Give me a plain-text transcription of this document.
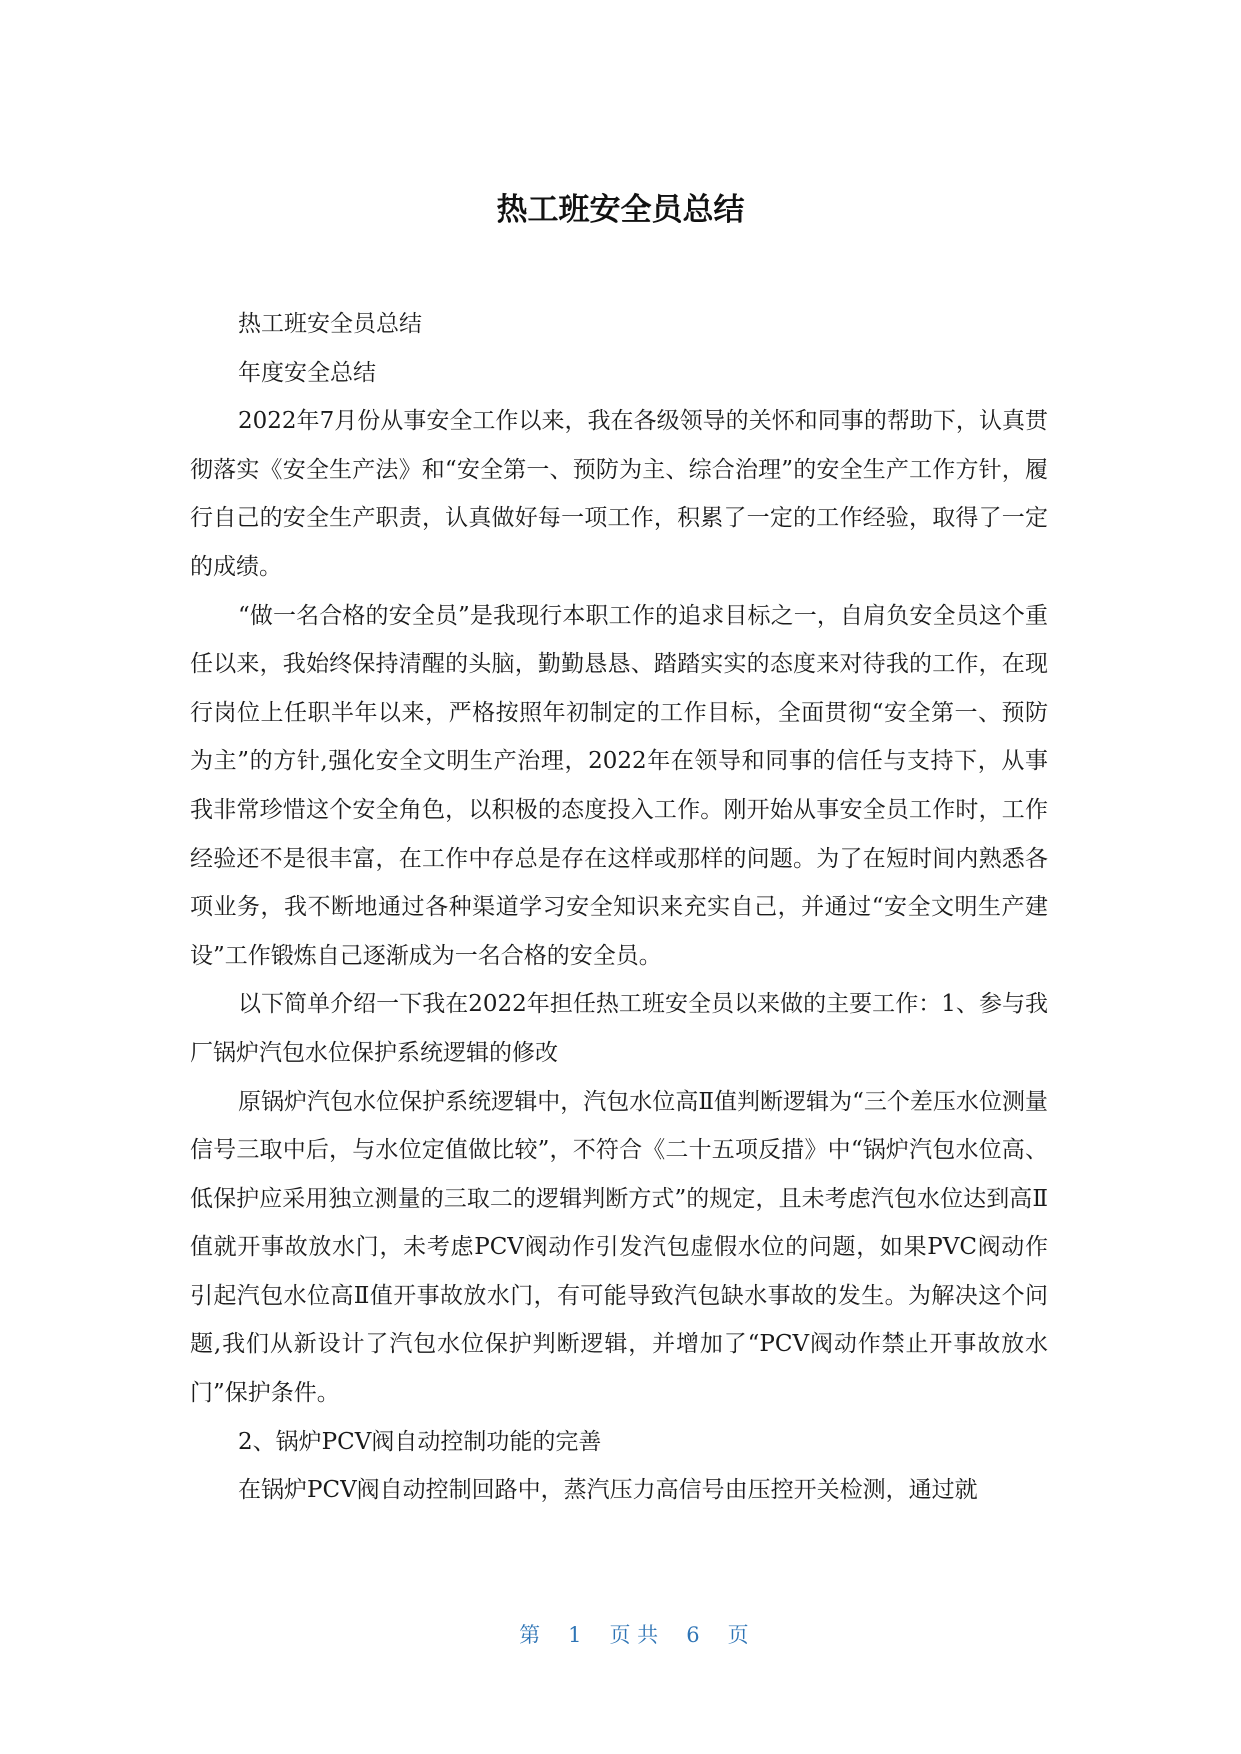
热工班安全员总结

热工班安全员总结

年度安全总结

2022年7月份从事安全工作以来，我在各级领导的关怀和同事的帮助下，认真贯彻落实《安全生产法》和“安全第一、预防为主、综合治理”的安全生产工作方针，履行自己的安全生产职责，认真做好每一项工作，积累了一定的工作经验，取得了一定的成绩。

“做一名合格的安全员”是我现行本职工作的追求目标之一，自肩负安全员这个重任以来，我始终保持清醒的头脑，勤勤恳恳、踏踏实实的态度来对待我的工作，在现行岗位上任职半年以来，严格按照年初制定的工作目标，全面贯彻“安全第一、预防为主”的方针,强化安全文明生产治理，2022年在领导和同事的信任与支持下，从事我非常珍惜这个安全角色，以积极的态度投入工作。刚开始从事安全员工作时，工作经验还不是很丰富，在工作中存总是存在这样或那样的问题。为了在短时间内熟悉各项业务，我不断地通过各种渠道学习安全知识来充实自己，并通过“安全文明生产建设”工作锻炼自己逐渐成为一名合格的安全员。

以下简单介绍一下我在2022年担任热工班安全员以来做的主要工作：1、参与我厂锅炉汽包水位保护系统逻辑的修改

原锅炉汽包水位保护系统逻辑中，汽包水位高Ⅱ值判断逻辑为“三个差压水位测量信号三取中后，与水位定值做比较”，不符合《二十五项反措》中“锅炉汽包水位高、低保护应采用独立测量的三取二的逻辑判断方式”的规定，且未考虑汽包水位达到高Ⅱ值就开事故放水门，未考虑PCV阀动作引发汽包虚假水位的问题，如果PVC阀动作引起汽包水位高Ⅱ值开事故放水门，有可能导致汽包缺水事故的发生。为解决这个问题,我们从新设计了汽包水位保护判断逻辑，并增加了“PCV阀动作禁止开事故放水门”保护条件。

2、锅炉PCV阀自动控制功能的完善

在锅炉PCV阀自动控制回路中，蒸汽压力高信号由压控开关检测，通过就

第 1 页 共 6 页
